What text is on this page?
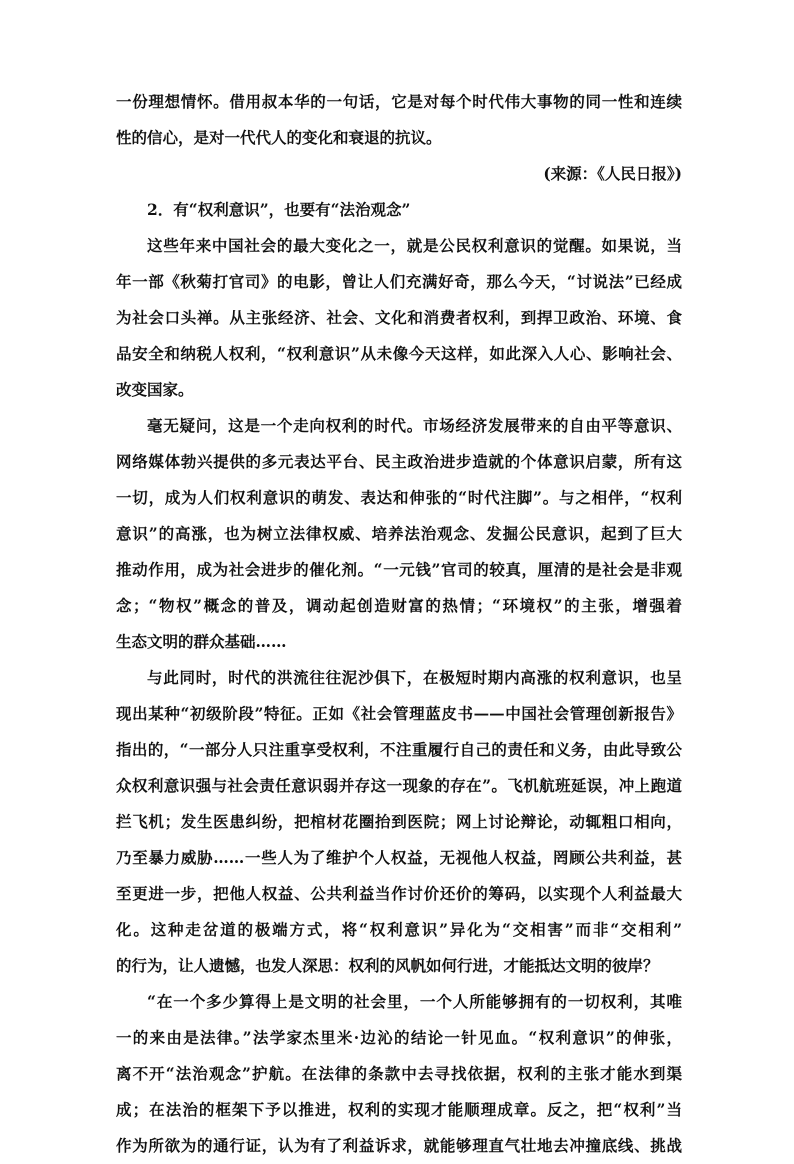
一份理想情怀。借用叔本华的一句话，它是对每个时代伟大事物的同一性和连续
性的信心，是对一代代人的变化和衰退的抗议。
(来源：《人民日报》)
2．有“权利意识”，也要有“法治观念”
这些年来中国社会的最大变化之一，就是公民权利意识的觉醒。如果说，当
年一部《秋菊打官司》的电影，曾让人们充满好奇，那么今天，“讨说法”已经成
为社会口头禅。从主张经济、社会、文化和消费者权利，到捍卫政治、环境、食
品安全和纳税人权利，“权利意识”从未像今天这样，如此深入人心、影响社会、
改变国家。
毫无疑问，这是一个走向权利的时代。市场经济发展带来的自由平等意识、
网络媒体勃兴提供的多元表达平台、民主政治进步造就的个体意识启蒙，所有这
一切，成为人们权利意识的萌发、表达和伸张的“时代注脚”。与之相伴，“权利
意识”的高涨，也为树立法律权威、培养法治观念、发掘公民意识，起到了巨大
推动作用，成为社会进步的催化剂。“一元钱”官司的较真，厘清的是社会是非观
念；“物权”概念的普及，调动起创造财富的热情；“环境权”的主张，增强着
生态文明的群众基础……
与此同时，时代的洪流往往泥沙俱下，在极短时期内高涨的权利意识，也呈
现出某种“初级阶段”特征。正如《社会管理蓝皮书——中国社会管理创新报告》
指出的，“一部分人只注重享受权利，不注重履行自己的责任和义务，由此导致公
众权利意识强与社会责任意识弱并存这一现象的存在”。飞机航班延误，冲上跑道
拦飞机；发生医患纠纷，把棺材花圈抬到医院；网上讨论辩论，动辄粗口相向，
乃至暴力威胁……一些人为了维护个人权益，无视他人权益，罔顾公共利益，甚
至更进一步，把他人权益、公共利益当作讨价还价的筹码，以实现个人利益最大
化。这种走岔道的极端方式，将“权利意识”异化为“交相害”而非“交相利”
的行为，让人遗憾，也发人深思：权利的风帆如何行进，才能抵达文明的彼岸？
“在一个多少算得上是文明的社会里，一个人所能够拥有的一切权利，其唯
一的来由是法律。”法学家杰里米·边沁的结论一针见血。“权利意识”的伸张，
离不开“法治观念”护航。在法律的条款中去寻找依据，权利的主张才能水到渠
成；在法治的框架下予以推进，权利的实现才能顺理成章。反之，把“权利”当
作为所欲为的通行证，认为有了利益诉求，就能够理直气壮地去冲撞底线、挑战
